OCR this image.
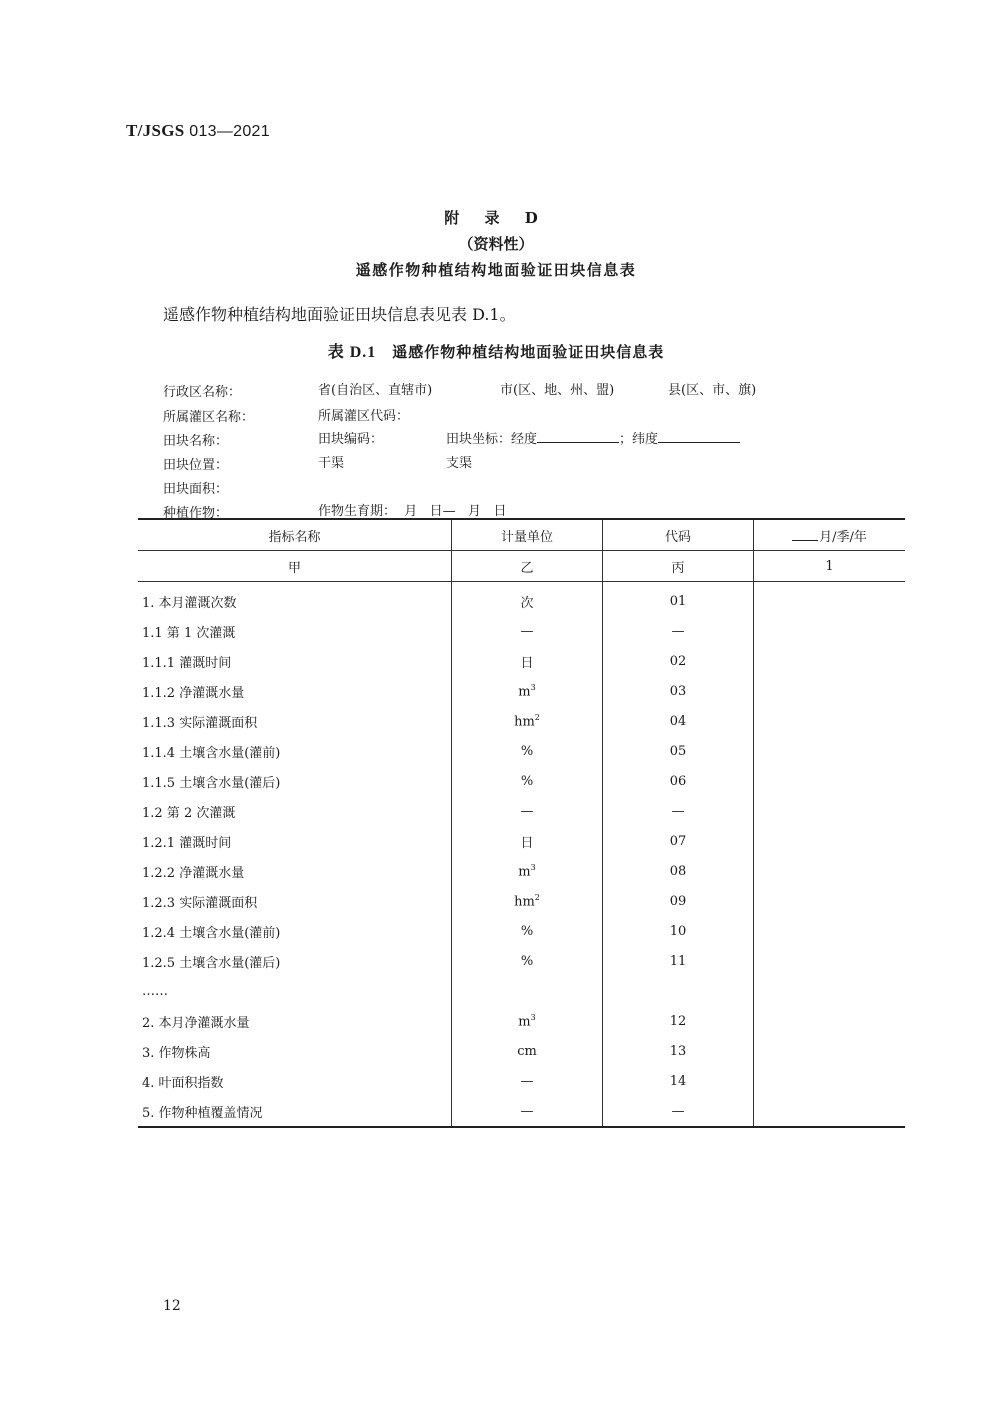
T/JSGS 013—2021
附 录 D
（资料性）
遥感作物种植结构地面验证田块信息表
遥感作物种植结构地面验证田块信息表见表 D.1。
表 D.1 遥感作物种植结构地面验证田块信息表
行政区名称：	省(自治区、直辖市)	市(区、地、州、盟)	县(区、市、旗)
所属灌区名称：	所属灌区代码：
田块名称：	田块编码：	田块坐标：经度	；纬度
田块位置：	干渠	支渠
田块面积：
种植作物：	作物生育期：  月   日—   月   日
指标名称	计量单位	代码	月/季/年
甲	乙	丙	1
1. 本月灌溉次数	次	01	
1.1 第 1 次灌溉	—	—	
1.1.1 灌溉时间	日	02	
1.1.2 净灌溉水量	$m^3$	03	
1.1.3 实际灌溉面积	$hm^2$	04	
1.1.4 土壤含水量(灌前)	%	05	
1.1.5 土壤含水量(灌后)	%	06	
1.2 第 2 次灌溉	—	—	
1.2.1 灌溉时间	日	07	
1.2.2 净灌溉水量	$m^3$	08	
1.2.3 实际灌溉面积	$hm^2$	09	
1.2.4 土壤含水量(灌前)	%	10	
1.2.5 土壤含水量(灌后)	%	11	
……			
2. 本月净灌溉水量	$m^3$	12	
3. 作物株高	cm	13	
4. 叶面积指数	—	14	
5. 作物种植覆盖情况	—	—	
12
